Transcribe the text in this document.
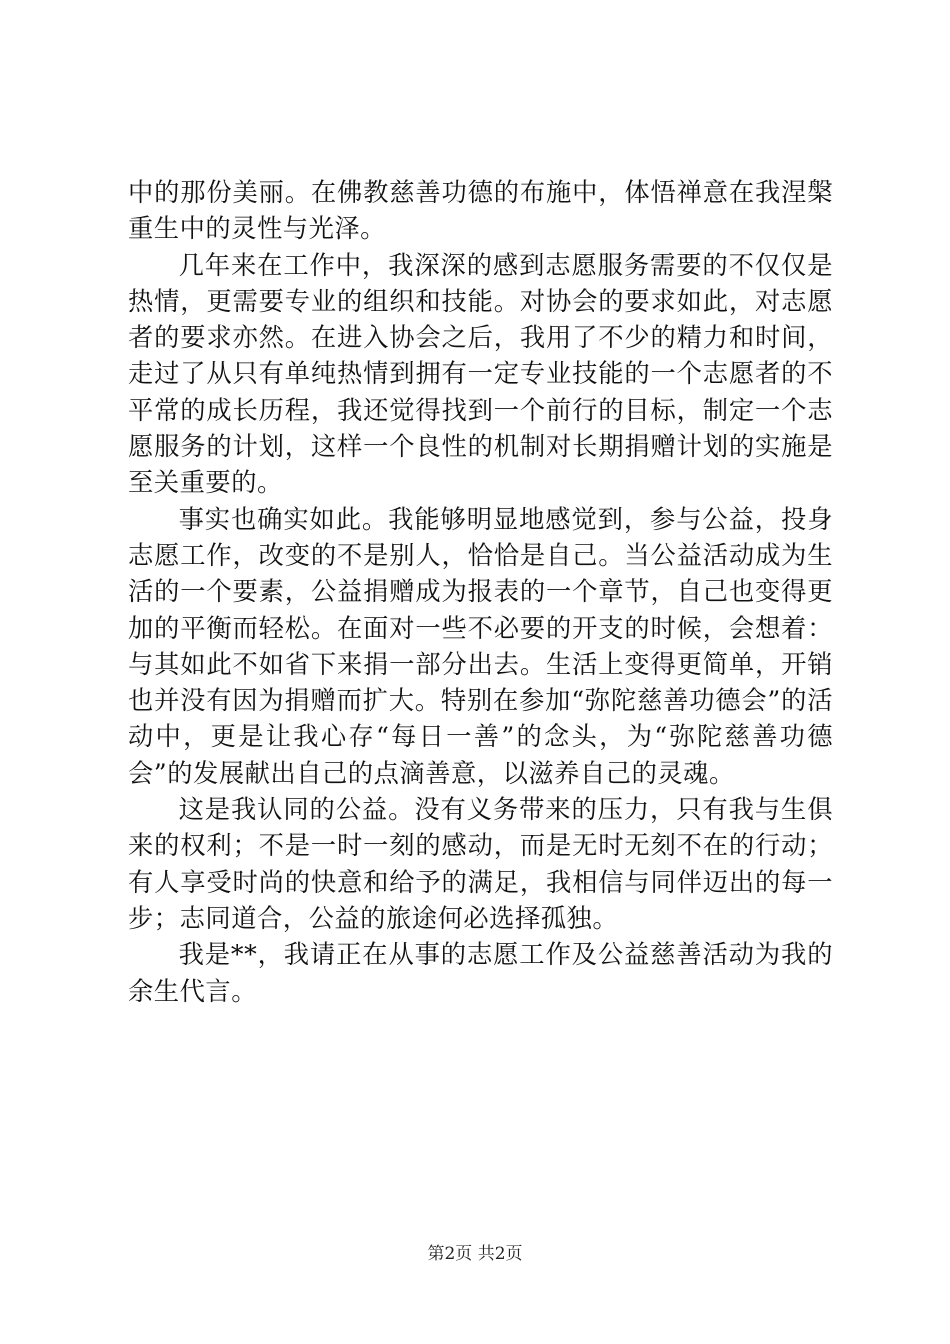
中的那份美丽。在佛教慈善功德的布施中，体悟禅意在我涅槃重生中的灵性与光泽。

几年来在工作中，我深深的感到志愿服务需要的不仅仅是热情，更需要专业的组织和技能。对协会的要求如此，对志愿者的要求亦然。在进入协会之后，我用了不少的精力和时间，走过了从只有单纯热情到拥有一定专业技能的一个志愿者的不平常的成长历程，我还觉得找到一个前行的目标，制定一个志愿服务的计划，这样一个良性的机制对长期捐赠计划的实施是至关重要的。

事实也确实如此。我能够明显地感觉到，参与公益，投身志愿工作，改变的不是别人，恰恰是自己。当公益活动成为生活的一个要素，公益捐赠成为报表的一个章节，自己也变得更加的平衡而轻松。在面对一些不必要的开支的时候，会想着：与其如此不如省下来捐一部分出去。生活上变得更简单，开销也并没有因为捐赠而扩大。特别在参加“弥陀慈善功德会”的活动中，更是让我心存“每日一善”的念头，为“弥陀慈善功德会”的发展献出自己的点滴善意，以滋养自己的灵魂。

这是我认同的公益。没有义务带来的压力，只有我与生俱来的权利；不是一时一刻的感动，而是无时无刻不在的行动；有人享受时尚的快意和给予的满足，我相信与同伴迈出的每一步；志同道合，公益的旅途何必选择孤独。

我是**，我请正在从事的志愿工作及公益慈善活动为我的余生代言。

第2页 共2页
